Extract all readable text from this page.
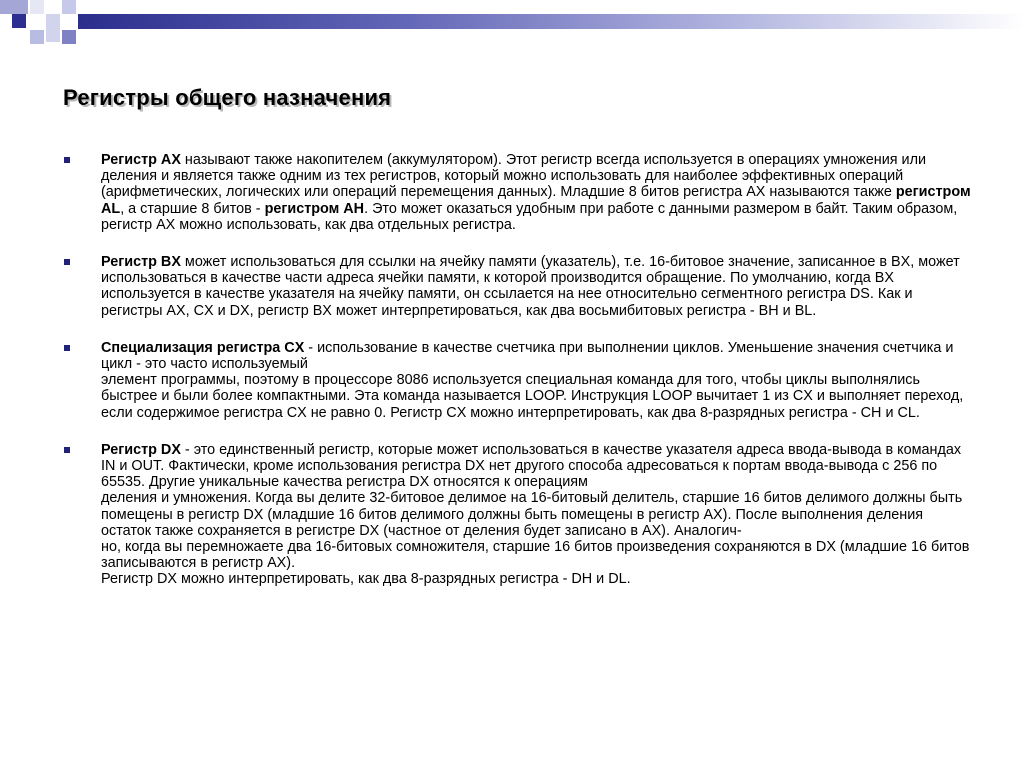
Регистры общего назначения

Регистр AX называют также накопителем (аккумулятором). Этот регистр всегда используется в операциях умножения или деления и является также одним из тех регистров, который можно использовать для наиболее эффективных операций (арифметических, логических или операций перемещения данных). Младшие 8 битов регистра AX называются также регистром AL, а старшие 8 битов - регистром AH. Это может оказаться удобным при работе с данными размером в байт. Таким образом, регистр AX можно использовать, как два отдельных регистра.

Регистр BX может использоваться для ссылки на ячейку памяти (указатель), т.е. 16-битовое значение, записанное в BX, может использоваться в качестве части адреса ячейки памяти, к которой производится обращение. По умолчанию, когда BX используется в качестве указателя на ячейку памяти, он ссылается на нее относительно сегментного регистра DS. Как и регистры AX, CX и DX, регистр BX может интерпретироваться, как два восьмибитовых регистра - BH и BL.

Специализация регистра CX - использование в качестве счетчика при выполнении циклов. Уменьшение значения счетчика и цикл - это часто используемый

элемент программы, поэтому в процессоре 8086 используется специальная команда для того, чтобы циклы выполнялись быстрее и были более компактными. Эта команда называется LOOP. Инструкция LOOP вычитает 1 из CX и выполняет переход, если содержимое регистра CX не равно 0. Регистр CX можно интерпретировать, как два 8-разрядных регистра - CH и CL.

Регистр DX - это единственный регистр, которые может использоваться в качестве указателя адреса ввода-вывода в командах IN и OUT. Фактически, кроме использования регистра DX нет другого способа адресоваться к портам ввода-вывода с 256 по 65535. Другие уникальные качества регистра DX относятся к операциям

деления и умножения. Когда вы делите 32-битовое делимое на 16-битовый делитель, старшие 16 битов делимого должны быть помещены в регистр DX (младшие 16 битов делимого должны быть помещены в регистр AX). После выполнения деления остаток также сохраняется в регистре DX (частное от деления будет записано в AX). Аналогич-

но, когда вы перемножаете два 16-битовых сомножителя, старшие 16 битов произведения сохраняются в DX (младшие 16 битов записываются в регистр AX).

Регистр DX можно интерпретировать, как два 8-разрядных регистра - DH и DL.
